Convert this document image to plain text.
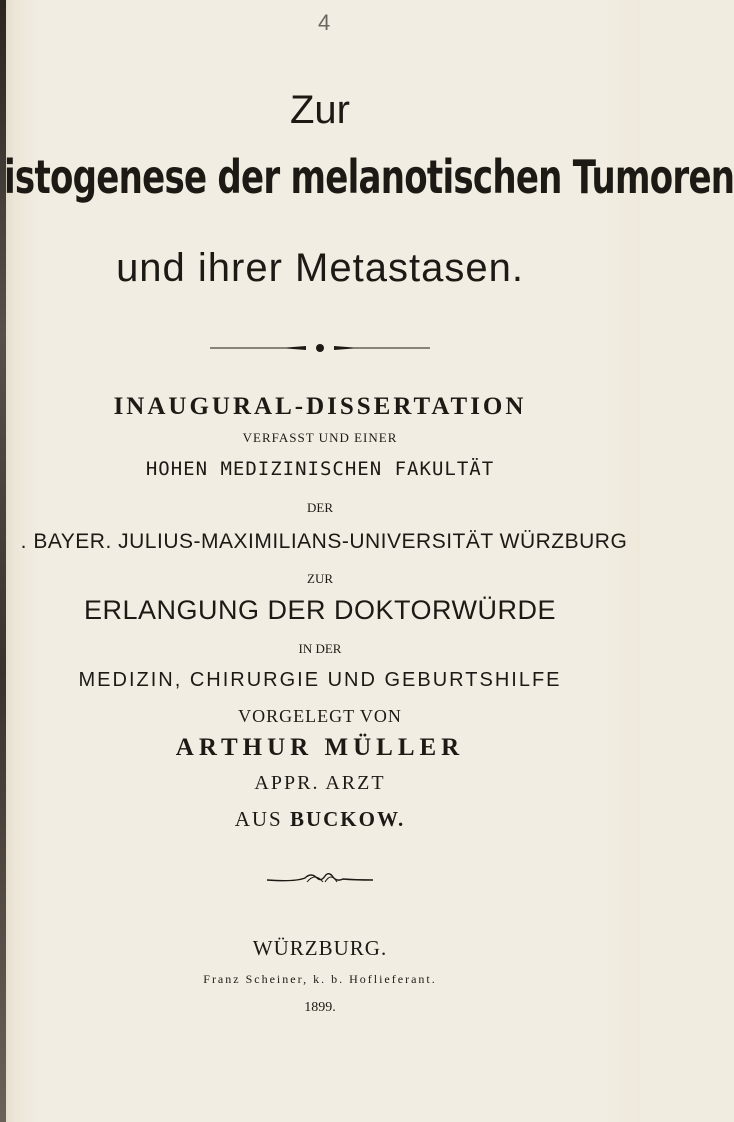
4
Zur
istogenese der melanotischen Tumoren
und ihrer Metastasen.
INAUGURAL-DISSERTATION
VERFASST UND EINER
HOHEN MEDIZINISCHEN FAKULTÄT
DER
. BAYER. JULIUS-MAXIMILIANS-UNIVERSITÄT WÜRZBURG
ZUR
ERLANGUNG DER DOKTORWÜRDE
IN DER
MEDIZIN, CHIRURGIE UND GEBURTSHILFE
VORGELEGT VON
ARTHUR MÜLLER
APPR. ARZT
AUS BUCKOW.
WÜRZBURG.
Franz Scheiner, k. b. Hoflieferant.
1899.
